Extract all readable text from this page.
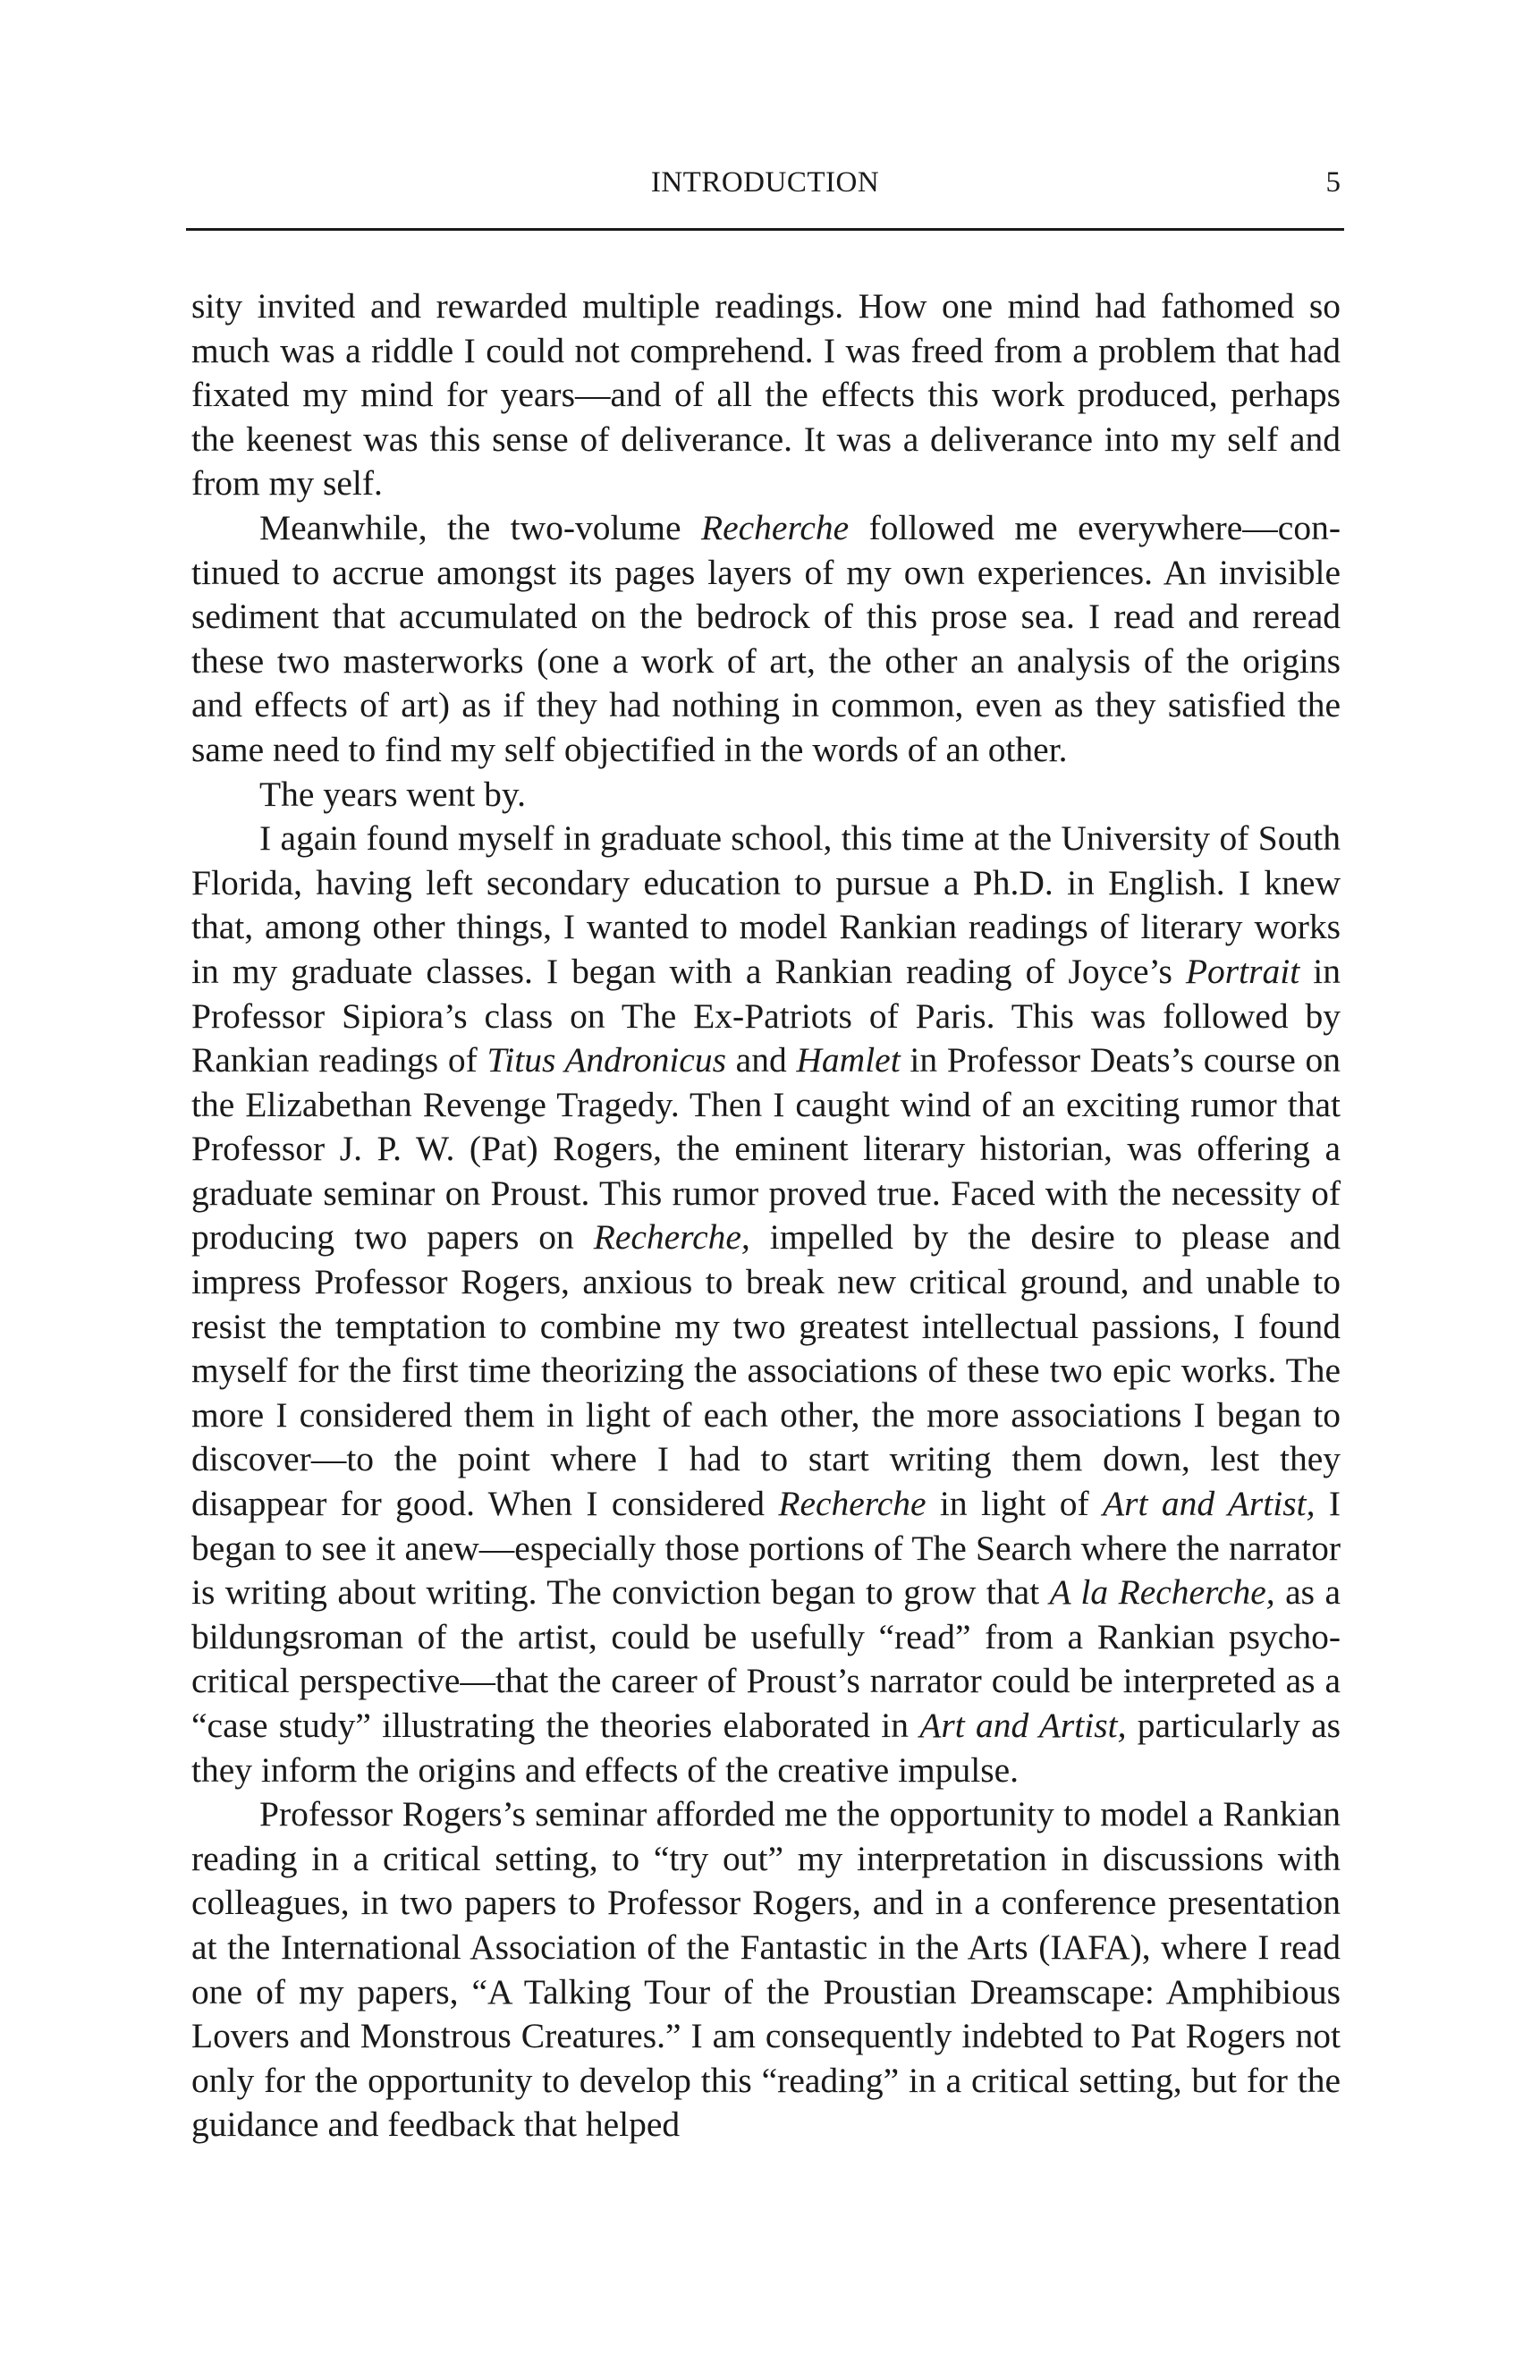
INTRODUCTION	5

sity invited and rewarded multiple readings. How one mind had fathomed so much was a riddle I could not comprehend. I was freed from a problem that had fixated my mind for years—and of all the effects this work produced, perhaps the keenest was this sense of deliverance. It was a deliverance into my self and from my self.

Meanwhile, the two-volume Recherche followed me everywhere—continued to accrue amongst its pages layers of my own experiences. An invisible sediment that accumulated on the bedrock of this prose sea. I read and reread these two masterworks (one a work of art, the other an analysis of the origins and effects of art) as if they had nothing in common, even as they satisfied the same need to find my self objectified in the words of an other.

The years went by.

I again found myself in graduate school, this time at the University of South Florida, having left secondary education to pursue a Ph.D. in English. I knew that, among other things, I wanted to model Rankian readings of literary works in my graduate classes. I began with a Rankian reading of Joyce’s Portrait in Professor Sipiora’s class on The Ex-Patriots of Paris. This was followed by Rankian readings of Titus Andronicus and Hamlet in Professor Deats’s course on the Elizabethan Revenge Tragedy. Then I caught wind of an exciting rumor that Professor J. P. W. (Pat) Rogers, the eminent literary historian, was offering a graduate seminar on Proust. This rumor proved true. Faced with the necessity of producing two papers on Recherche, impelled by the desire to please and impress Professor Rogers, anxious to break new critical ground, and unable to resist the temptation to combine my two greatest intellectual passions, I found myself for the first time theorizing the associations of these two epic works. The more I considered them in light of each other, the more associations I began to discover—to the point where I had to start writing them down, lest they disappear for good. When I considered Recherche in light of Art and Artist, I began to see it anew—especially those portions of The Search where the narrator is writing about writing. The conviction began to grow that A la Recherche, as a bildungsroman of the artist, could be usefully “read” from a Rankian psycho-critical perspective—that the career of Proust’s narrator could be interpreted as a “case study” illustrating the theories elaborated in Art and Artist, particularly as they inform the origins and effects of the creative impulse.

Professor Rogers’s seminar afforded me the opportunity to model a Rankian reading in a critical setting, to “try out” my interpretation in discussions with colleagues, in two papers to Professor Rogers, and in a conference presentation at the International Association of the Fantastic in the Arts (IAFA), where I read one of my papers, “A Talking Tour of the Proustian Dreamscape: Amphibious Lovers and Monstrous Creatures.” I am consequently indebted to Pat Rogers not only for the opportunity to develop this “reading” in a critical setting, but for the guidance and feedback that helped
